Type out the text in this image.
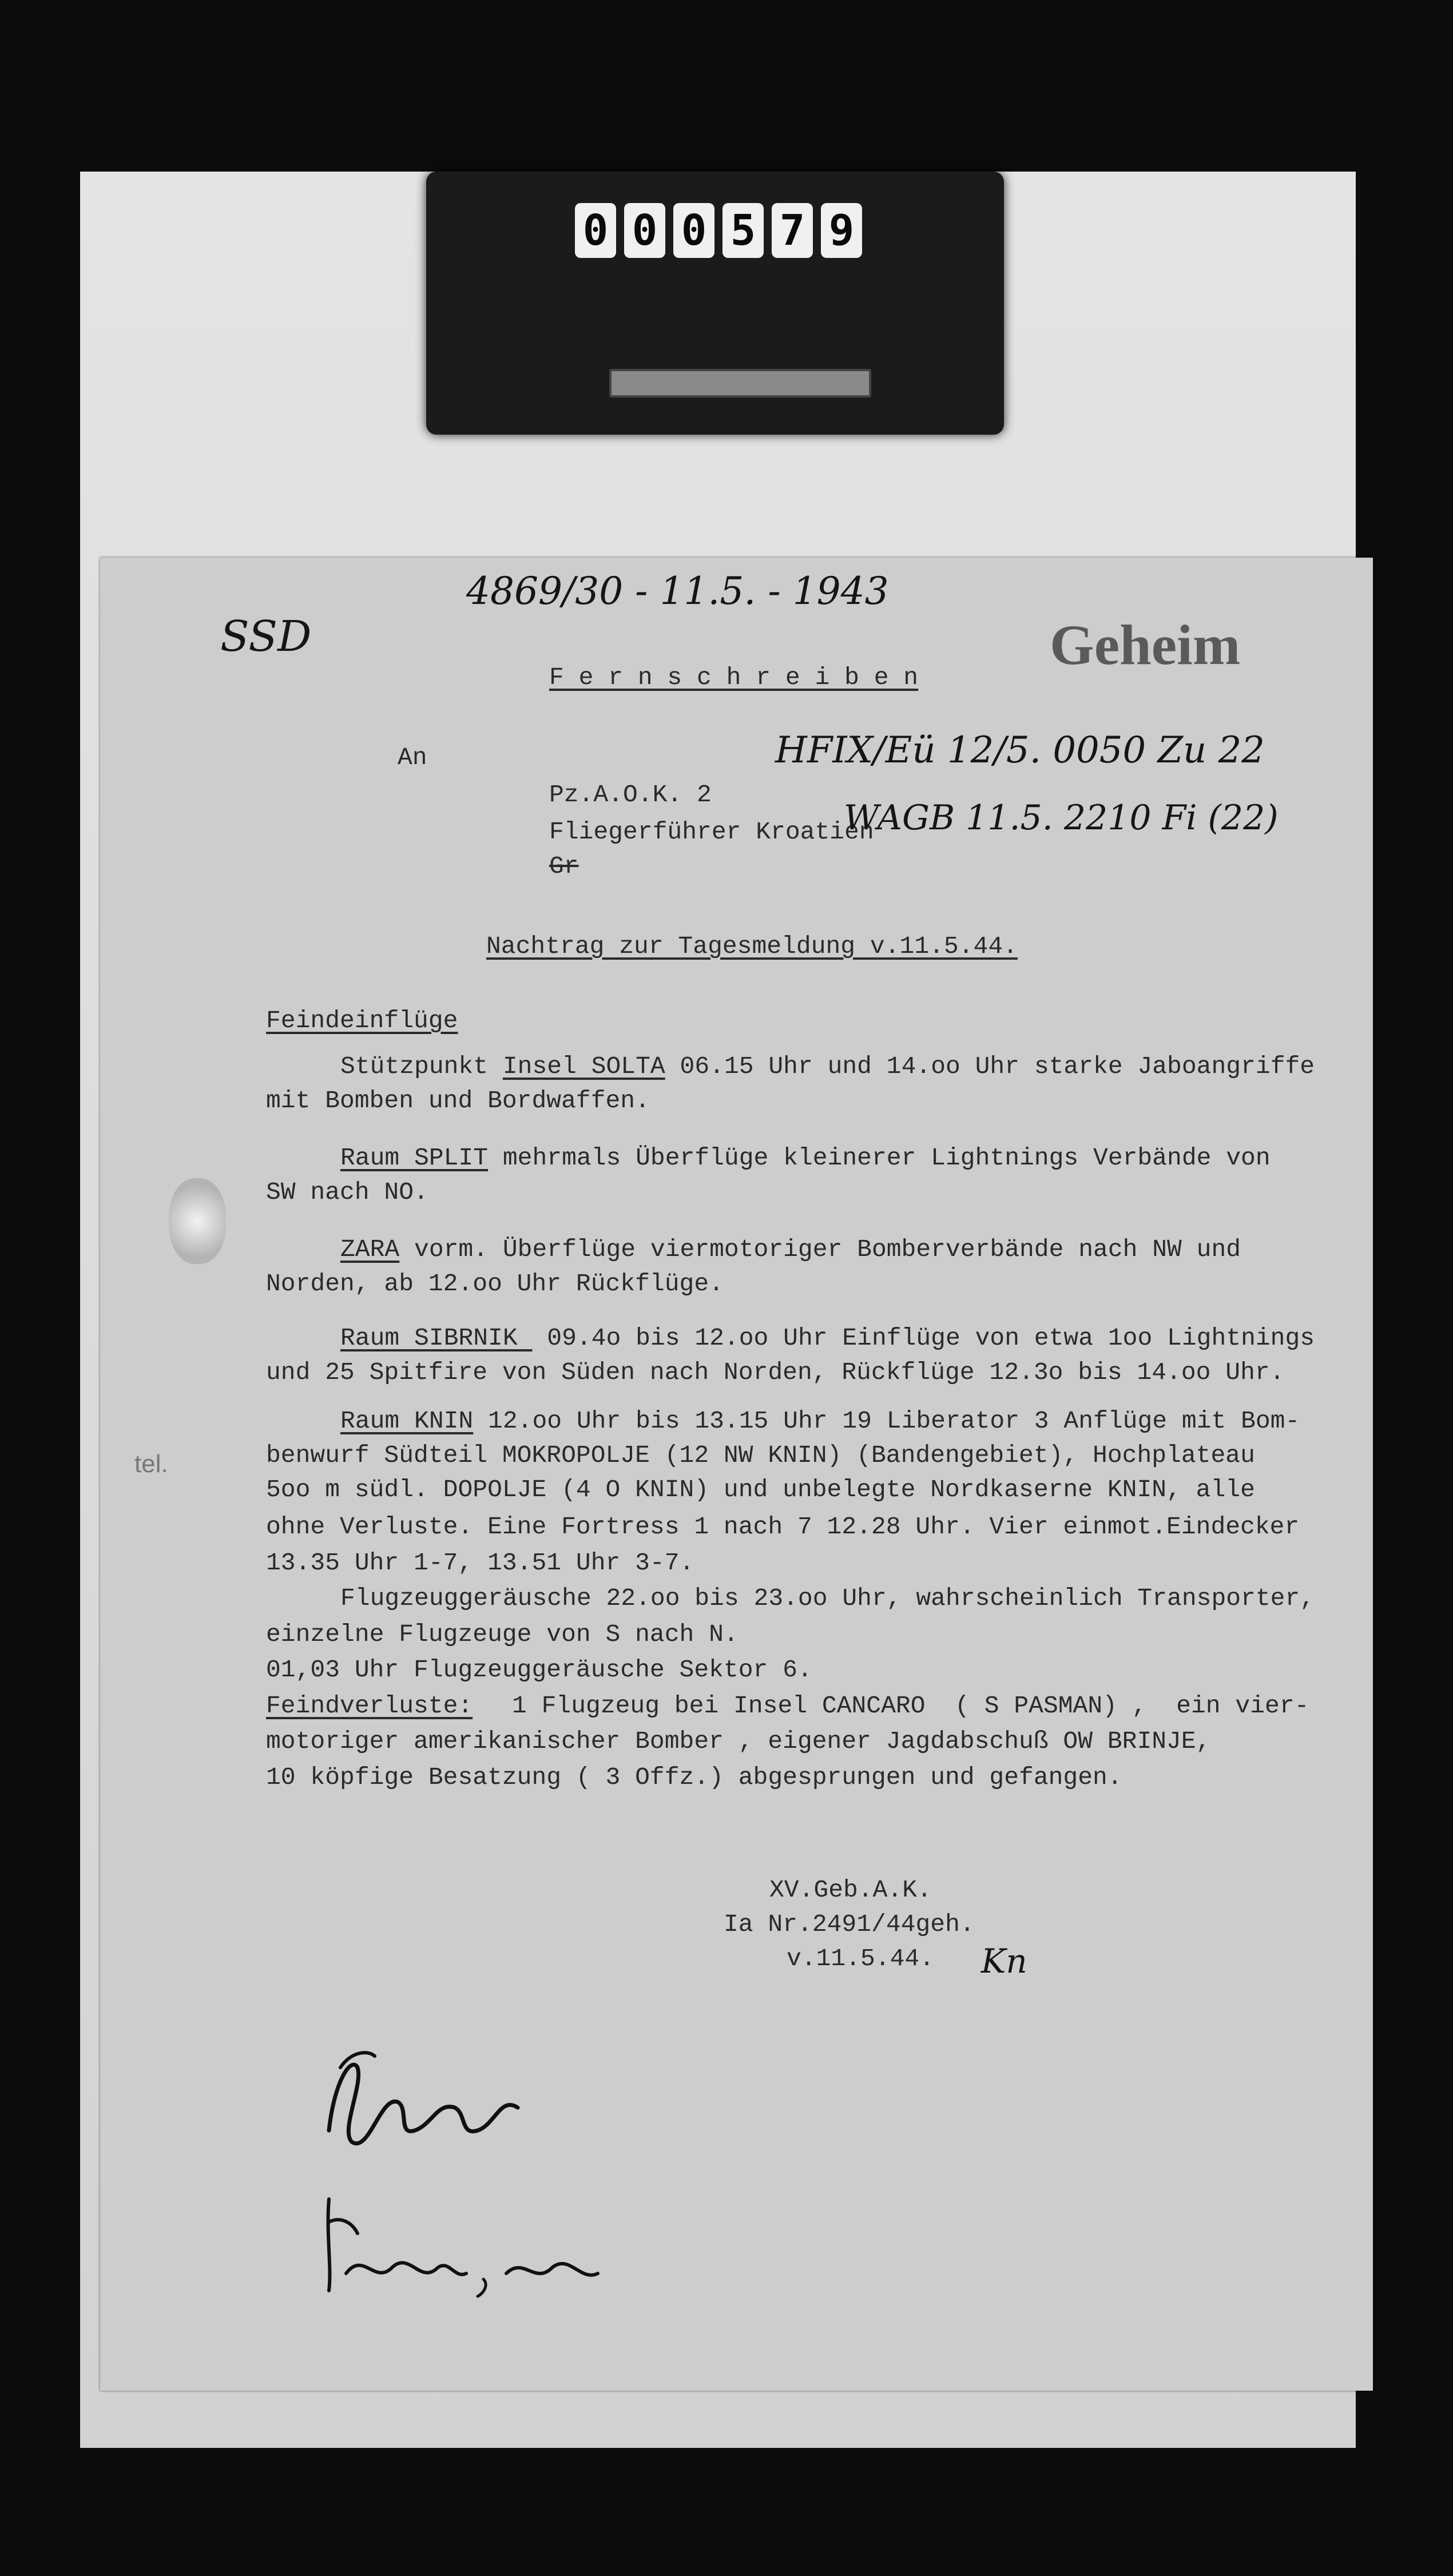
0 0 0 5 7 9
4869/30 - 11.5. - 1943
SSD	Geheim
F e r n s c h r e i b e n
An
Pz.A.O.K. 2
Fliegerführer Kroatien
Gr
HFIX/Eü 12/5. 0050 Zu 22
WAGB 11.5. 2210 Fi (22)
Nachtrag zur Tagesmeldung v.11.5.44.
Feindeinflüge
Stützpunkt Insel SOLTA 06.15 Uhr und 14.oo Uhr starke Jaboangriffe
mit Bomben und Bordwaffen.
Raum SPLIT mehrmals Überflüge kleinerer Lightnings Verbände von
SW nach NO.
ZARA vorm. Überflüge viermotoriger Bomberverbände nach NW und
Norden, ab 12.oo Uhr Rückflüge.
Raum SIBRNIK  09.4o bis 12.oo Uhr Einflüge von etwa 1oo Lightnings
und 25 Spitfire von Süden nach Norden, Rückflüge 12.3o bis 14.oo Uhr.
Raum KNIN 12.oo Uhr bis 13.15 Uhr 19 Liberator 3 Anflüge mit Bom-
benwurf Südteil MOKROPOLJE (12 NW KNIN) (Bandengebiet), Hochplateau
5oo m südl. DOPOLJE (4 O KNIN) und unbelegte Nordkaserne KNIN, alle
ohne Verluste. Eine Fortress 1 nach 7 12.28 Uhr. Vier einmot.Eindecker
13.35 Uhr 1-7, 13.51 Uhr 3-7.
Flugzeuggeräusche 22.oo bis 23.oo Uhr, wahrscheinlich Transporter,
einzelne Flugzeuge von S nach N.
01,03 Uhr Flugzeuggeräusche Sektor 6.
Feindverluste: 1 Flugzeug bei Insel CANCARO  ( S PASMAN) ,  ein vier-
motoriger amerikanischer Bomber , eigener Jagdabschuß OW BRINJE,
10 köpfige Besatzung ( 3 Offz.) abgesprungen und gefangen.
XV.Geb.A.K.
Ia Nr.2491/44geh.
v.11.5.44. Kn
tel.
